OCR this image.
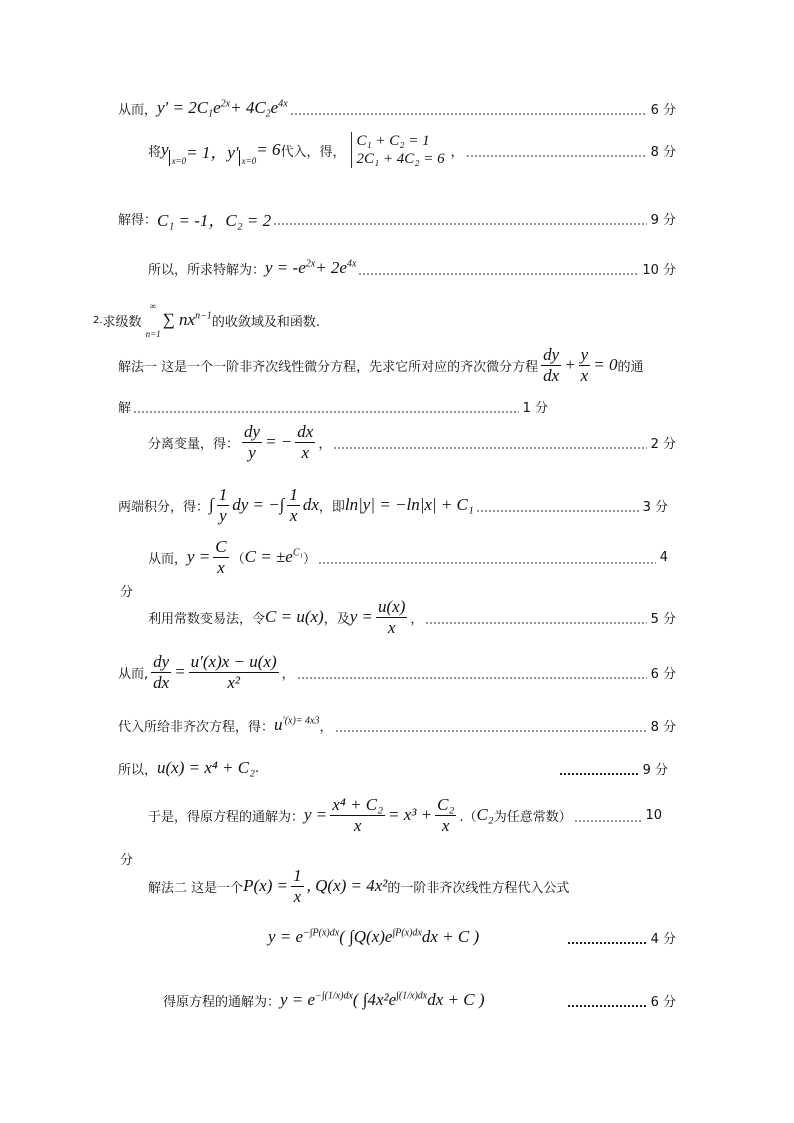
从而， y′ = 2C $_1$ e $^{2x}$ + 4C $_2$ e $^{4x}$	6 分
将 y
x=0 = 1，y′ x=0
= 6 代入，得，
C₁ + C₂ = 1
2C₁ + 4C₂ = 6 ，	8 分
解得： C₁ = -1，C₂ = 2	9 分
所以，所求特解为： y = -e $^{2x}$ + 2e $^{4x}$	10 分
2. 求级数
∞
n=1
∑ nx $^{n-1}$ 的收敛域及和函数.
解法一 这是一个一阶非齐次线性微分方程，先求它所对应的齐次微分方程 $\frac{dy}{dx} + \frac{y}{x} = 0$ 的通
解	1 分
分离变量，得： $\frac{dy}{y}$ = − $\frac{dx}{x}$ ，	2 分
两端积分，得： ∫ $\frac{1}{y}$ dy = −∫ $\frac{1}{x}$ dx ，即 ln|y| = −ln|x| + C₁	3 分
从而， $y = \frac{C}{x}$ （ C = ±e $^{C_1}$ ）	4
分
利用常数变易法，令 C = u(x) ，及 $y = \frac{u(x)}{x}$ ，	5 分
从而, $\frac{dy}{dx} = \frac{u'(x)x - u(x)}{\text{x²}}$ ，	6 分
代入所给非齐次方程，得： u $^{'(x)= 4x3}$ ，	8 分
所以， u(x) = x⁴ + C₂ .	9 分
于是，得原方程的通解为： $y = \frac{\text{x⁴ + C₂}}{x} = x^3 + \frac{\text{C₂}}{x}$ .（ C₂ 为任意常数）	10
分
解法二 这是一个 $P(x) = \frac{1}{x}$ , Q(x) = 4x² 的一阶非齐次线性方程代入公式
y = e $^{-\int P(x)dx}$ ( ∫Q(x)e $^{\int P(x)dx}$ dx + C )	4 分
得原方程的通解为： y = e $^{-\int(1/x)dx}$ ( ∫4x²e $^{\int(1/x)dx}$ dx + C )	6 分
